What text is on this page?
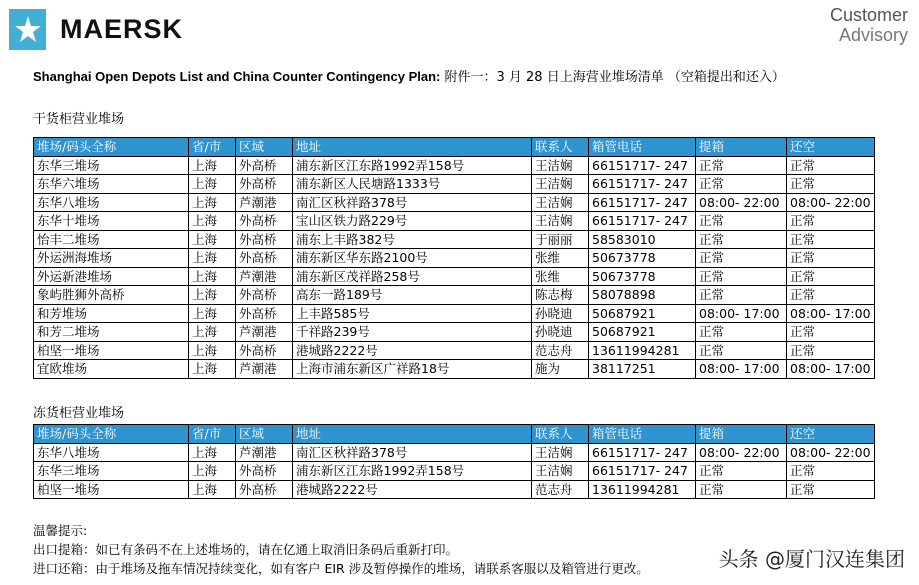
MAERSK	Customer
Advisory
Shanghai Open Depots List and China Counter Contingency Plan: 附件一：3 月 28 日上海营业堆场清单 （空箱提出和还入）
干货柜营业堆场
堆场/码头全称	省/市	区域	地址	联系人	箱管电话	提箱	还空
东华三堆场	上海	外高桥	浦东新区江东路1992弄158号	王洁娴	66151717- 247	正常	正常
东华六堆场	上海	外高桥	浦东新区人民塘路1333号	王洁娴	66151717- 247	正常	正常
东华八堆场	上海	芦潮港	南汇区秋祥路378号	王洁娴	66151717- 247	08:00- 22:00	08:00- 22:00
东华十堆场	上海	外高桥	宝山区铁力路229号	王洁娴	66151717- 247	正常	正常
怡丰二堆场	上海	外高桥	浦东上丰路382号	于丽丽	58583010	正常	正常
外运洲海堆场	上海	外高桥	浦东新区华东路2100号	张维	50673778	正常	正常
外运新港堆场	上海	芦潮港	浦东新区茂祥路258号	张维	50673778	正常	正常
象屿胜狮外高桥	上海	外高桥	高东一路189号	陈志梅	58078898	正常	正常
和芳堆场	上海	外高桥	上丰路585号	孙晓迪	50687921	08:00- 17:00	08:00- 17:00
和芳二堆场	上海	芦潮港	千祥路239号	孙晓迪	50687921	正常	正常
柏坚一堆场	上海	外高桥	港城路2222号	范志舟	13611994281	正常	正常
宜欧堆场	上海	芦潮港	上海市浦东新区广祥路18号	施为	38117251	08:00- 17:00	08:00- 17:00
冻货柜营业堆场
堆场/码头全称	省/市	区域	地址	联系人	箱管电话	提箱	还空
东华八堆场	上海	芦潮港	南汇区秋祥路378号	王洁娴	66151717- 247	08:00- 22:00	08:00- 22:00
东华三堆场	上海	外高桥	浦东新区江东路1992弄158号	王洁娴	66151717- 247	正常	正常
柏坚一堆场	上海	外高桥	港城路2222号	范志舟	13611994281	正常	正常
温馨提示:
出口提箱：如已有条码不在上述堆场的，请在亿通上取消旧条码后重新打印。
进口还箱：由于堆场及拖车情况持续变化，如有客户 EIR 涉及暂停操作的堆场，请联系客服以及箱管进行更改。	头条 @厦门汉连集团
